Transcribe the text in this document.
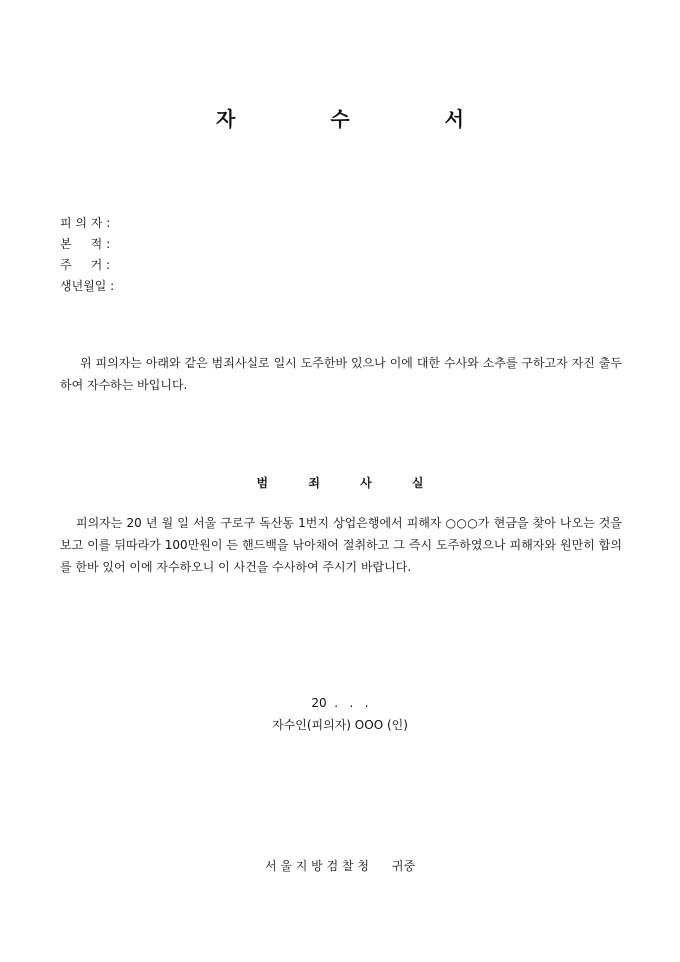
자 수 서
피 의 자 :
본     적 :
주     거 :
생년월일 :
위 피의자는 아래와 같은 범죄사실로 일시 도주한바 있으나 이에 대한 수사와 소추를 구하고자 자진 출두하여 자수하는 바입니다.
범 죄 사 실
피의자는 20 년 월 일 서울 구로구 독산동 1번지 상업은행에서 피해자 ○○○가 현금을 찾아 나오는 것을 보고 이를 뒤따라가 100만원이 든 핸드백을 낚아채어 절취하고 그 즉시 도주하였으나 피해자와 원만히 합의를 한바 있어 이에 자수하오니 이 사건을 수사하여 주시기 바랍니다.
20  .   .   .
자수인(피의자) OOO (인)
서 울 지 방 검 찰 청      귀중
